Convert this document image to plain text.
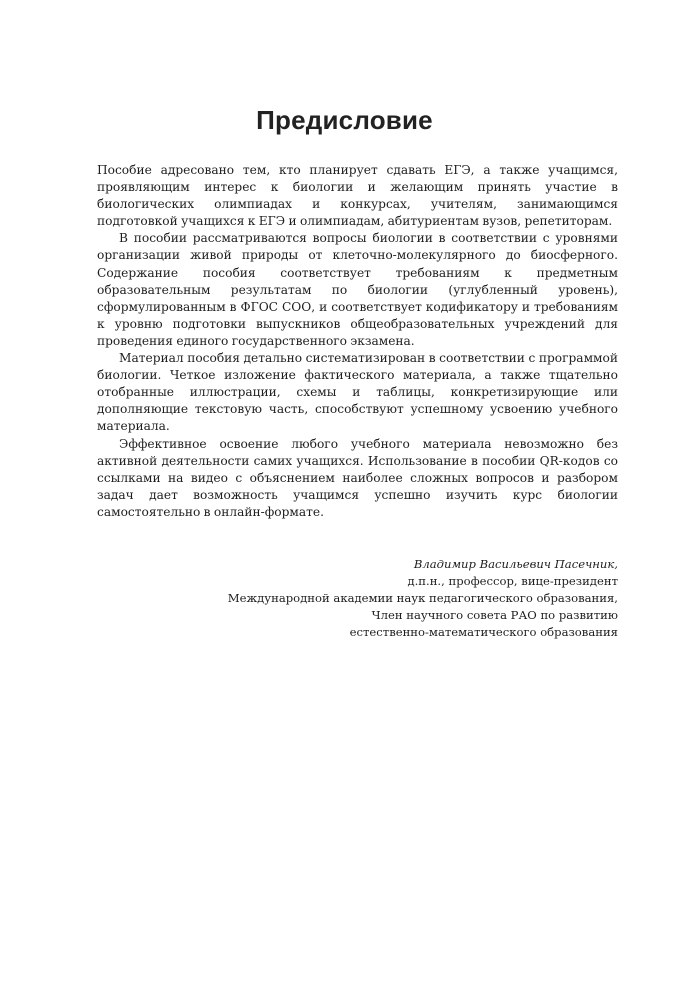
Предисловие

Пособие адресовано тем, кто планирует сдавать ЕГЭ, а также учащимся, проявляющим интерес к биологии и желающим принять участие в биологических олимпиадах и конкурсах, учителям, занимающимся подготовкой учащихся к ЕГЭ и олимпиадам, абитуриентам вузов, репетиторам.

В пособии рассматриваются вопросы биологии в соответствии с уровнями организации живой природы от клеточно-молекулярного до биосферного. Содержание пособия соответствует требованиям к предметным образовательным результатам по биологии (углубленный уровень), сформулированным в ФГОС СОО, и соответствует кодификатору и требованиям к уровню подготовки выпускников общеобразовательных учреждений для проведения единого государственного экзамена.

Материал пособия детально систематизирован в соответствии с программой биологии. Четкое изложение фактического материала, а также тщательно отобранные иллюстрации, схемы и таблицы, конкретизирующие или дополняющие текстовую часть, способствуют успешному усвоению учебного материала.

Эффективное освоение любого учебного материала невозможно без активной деятельности самих учащихся. Использование в пособии QR-кодов со ссылками на видео с объяснением наиболее сложных вопросов и разбором задач дает возможность учащимся успешно изучить курс биологии самостоятельно в онлайн-формате.

Владимир Васильевич Пасечник,
д.п.н., профессор, вице-президент
Международной академии наук педагогического образования,
Член научного совета РАО по развитию
естественно-математического образования
